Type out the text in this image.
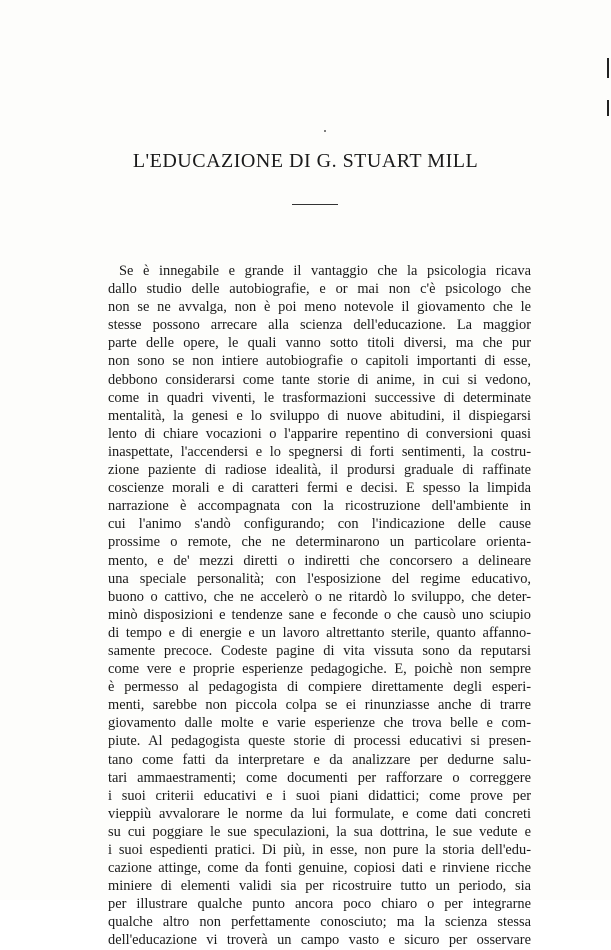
L'EDUCAZIONE DI G. STUART MILL
Se è innegabile e grande il vantaggio che la psicologia ricava
dallo studio delle autobiografie, e or mai non c'è psicologo che
non se ne avvalga, non è poi meno notevole il giovamento che le
stesse possono arrecare alla scienza dell'educazione. La maggior
parte delle opere, le quali vanno sotto titoli diversi, ma che pur
non sono se non intiere autobiografie o capitoli importanti di esse,
debbono considerarsi come tante storie di anime, in cui si vedono,
come in quadri viventi, le trasformazioni successive di determinate
mentalità, la genesi e lo sviluppo di nuove abitudini, il dispiegarsi
lento di chiare vocazioni o l'apparire repentino di conversioni quasi
inaspettate, l'accendersi e lo spegnersi di forti sentimenti, la costru-
zione paziente di radiose idealità, il prodursi graduale di raffinate
coscienze morali e di caratteri fermi e decisi. E spesso la limpida
narrazione è accompagnata con la ricostruzione dell'ambiente in
cui l'animo s'andò configurando; con l'indicazione delle cause
prossime o remote, che ne determinarono un particolare orienta-
mento, e de' mezzi diretti o indiretti che concorsero a delineare
una speciale personalità; con l'esposizione del regime educativo,
buono o cattivo, che ne accelerò o ne ritardò lo sviluppo, che deter-
minò disposizioni e tendenze sane e feconde o che causò uno sciupio
di tempo e di energie e un lavoro altrettanto sterile, quanto affanno-
samente precoce. Codeste pagine di vita vissuta sono da reputarsi
come vere e proprie esperienze pedagogiche. E, poichè non sempre
è permesso al pedagogista di compiere direttamente degli esperi-
menti, sarebbe non piccola colpa se ei rinunziasse anche di trarre
giovamento dalle molte e varie esperienze che trova belle e com-
piute. Al pedagogista queste storie di processi educativi si presen-
tano come fatti da interpretare e da analizzare per dedurne salu-
tari ammaestramenti; come documenti per rafforzare o correggere
i suoi criterii educativi e i suoi piani didattici; come prove per
vieppiù avvalorare le norme da lui formulate, e come dati concreti
su cui poggiare le sue speculazioni, la sua dottrina, le sue vedute e
i suoi espedienti pratici. Di più, in esse, non pure la storia dell'edu-
cazione attinge, come da fonti genuine, copiosi dati e rinviene ricche
miniere di elementi validi sia per ricostruire tutto un periodo, sia
per illustrare qualche punto ancora poco chiaro o per integrarne
qualche altro non perfettamente conosciuto; ma la scienza stessa
dell'educazione vi troverà un campo vasto e sicuro per osservare
